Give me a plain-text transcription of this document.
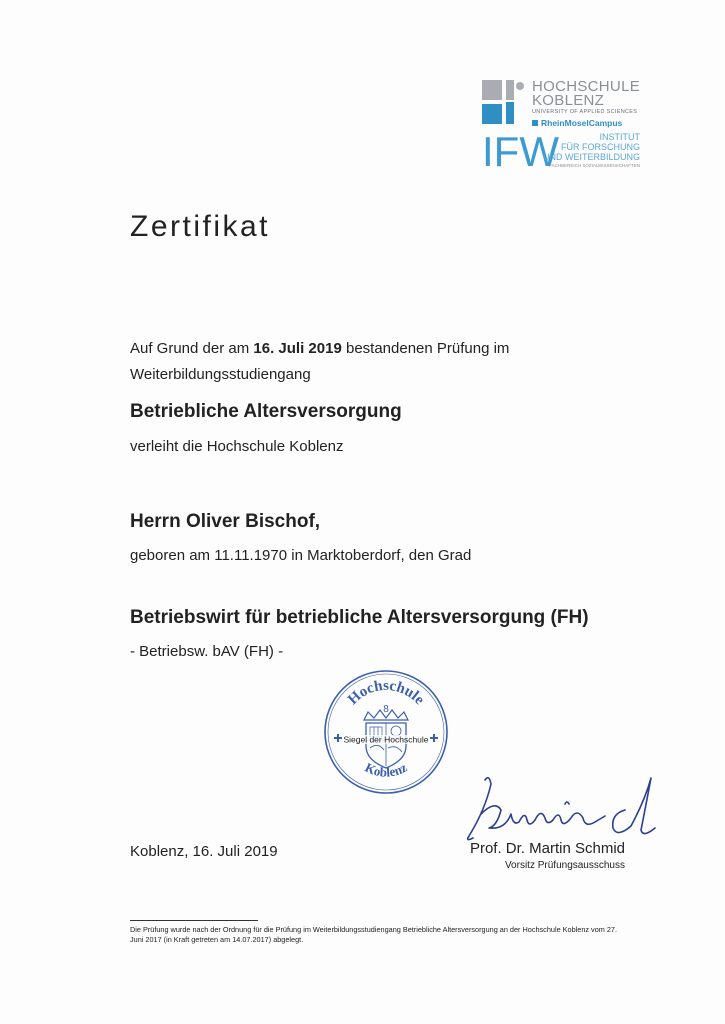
HOCHSCHULE
KOBLENZ
UNIVERSITY OF APPLIED SCIENCES
RheinMoselCampus
IFW	INSTITUT
FÜR FORSCHUNG
UND WEITERBILDUNG
FACHBEREICH SOZIALWISSENSCHAFTEN
Zertifikat
Auf Grund der am 16. Juli 2019 bestandenen Prüfung im
Weiterbildungsstudiengang
Betriebliche Altersversorgung
verleiht die Hochschule Koblenz
Herrn Oliver Bischof,
geboren am 11.11.1970 in Marktoberdorf, den Grad
Betriebswirt für betriebliche Altersversorgung (FH)
- Betriebsw. bAV (FH) -
Hochschule
Koblenz
8
Siegel der Hochschule
Koblenz, 16. Juli 2019	Prof. Dr. Martin Schmid
Vorsitz Prüfungsausschuss
Die Prüfung wurde nach der Ordnung für die Prüfung im Weiterbildungsstudiengang Betriebliche Altersversorgung an der Hochschule Koblenz vom 27. Juni 2017 (in Kraft getreten am 14.07.2017) abgelegt.
